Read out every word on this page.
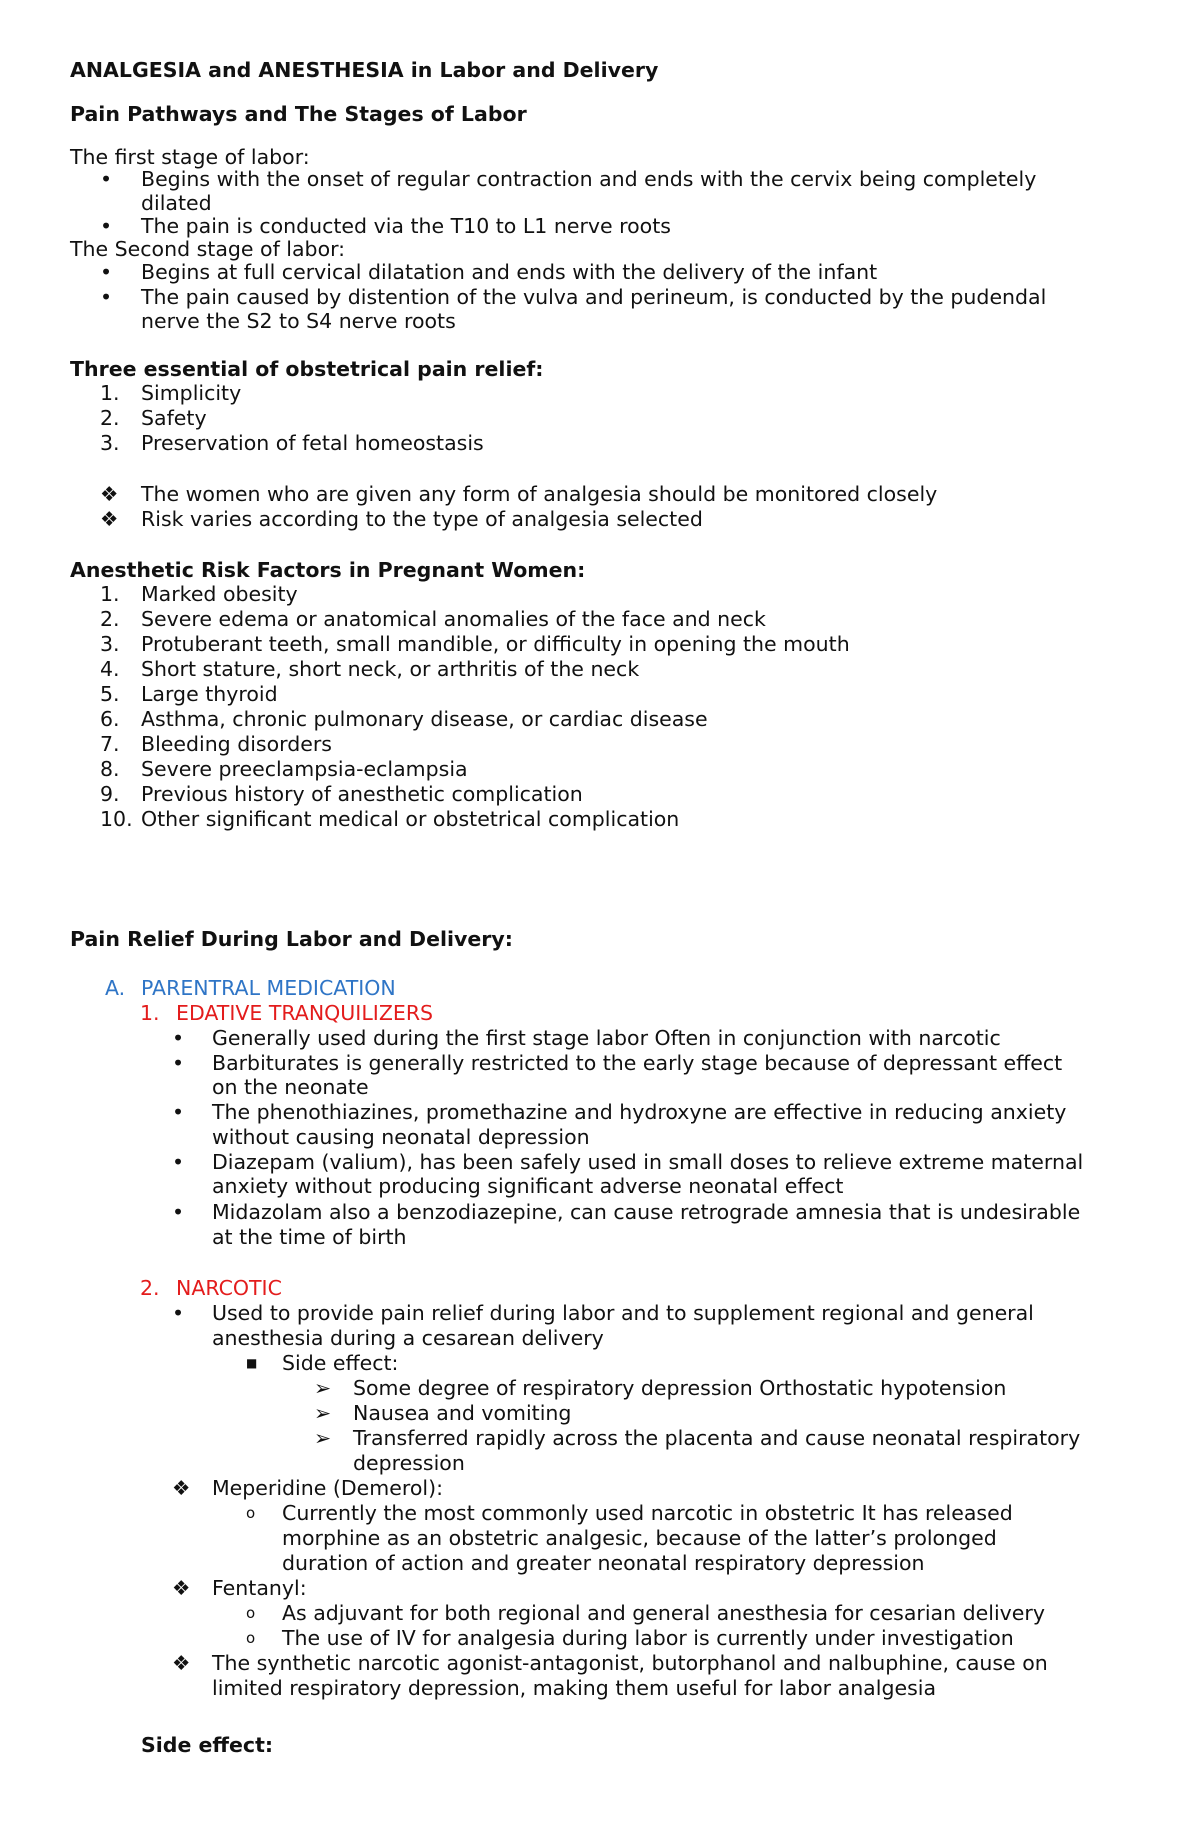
ANALGESIA and ANESTHESIA in Labor and Delivery
Pain Pathways and The Stages of Labor
The first stage of labor:
• Begins with the onset of regular contraction and ends with the cervix being completely
dilated
• The pain is conducted via the T10 to L1 nerve roots
The Second stage of labor:
• Begins at full cervical dilatation and ends with the delivery of the infant
• The pain caused by distention of the vulva and perineum, is conducted by the pudendal
nerve the S2 to S4 nerve roots
Three essential of obstetrical pain relief:
1. Simplicity
2. Safety
3. Preservation of fetal homeostasis
❖ The women who are given any form of analgesia should be monitored closely
❖ Risk varies according to the type of analgesia selected
Anesthetic Risk Factors in Pregnant Women:
1. Marked obesity
2. Severe edema or anatomical anomalies of the face and neck
3. Protuberant teeth, small mandible, or difficulty in opening the mouth
4. Short stature, short neck, or arthritis of the neck
5. Large thyroid
6. Asthma, chronic pulmonary disease, or cardiac disease
7. Bleeding disorders
8. Severe preeclampsia-eclampsia
9. Previous history of anesthetic complication
10. Other significant medical or obstetrical complication
Pain Relief During Labor and Delivery:
A. PARENTRAL MEDICATION
1. EDATIVE TRANQUILIZERS
• Generally used during the first stage labor Often in conjunction with narcotic
• Barbiturates is generally restricted to the early stage because of depressant effect
on the neonate
• The phenothiazines, promethazine and hydroxyne are effective in reducing anxiety
without causing neonatal depression
• Diazepam (valium), has been safely used in small doses to relieve extreme maternal
anxiety without producing significant adverse neonatal effect
• Midazolam also a benzodiazepine, can cause retrograde amnesia that is undesirable
at the time of birth
2. NARCOTIC
• Used to provide pain relief during labor and to supplement regional and general
anesthesia during a cesarean delivery
■ Side effect:
➢ Some degree of respiratory depression Orthostatic hypotension
➢ Nausea and vomiting
➢ Transferred rapidly across the placenta and cause neonatal respiratory
depression
❖ Meperidine (Demerol):
o Currently the most commonly used narcotic in obstetric It has released
morphine as an obstetric analgesic, because of the latter’s prolonged
duration of action and greater neonatal respiratory depression
❖ Fentanyl:
o As adjuvant for both regional and general anesthesia for cesarian delivery
o The use of IV for analgesia during labor is currently under investigation
❖ The synthetic narcotic agonist-antagonist, butorphanol and nalbuphine, cause on
limited respiratory depression, making them useful for labor analgesia
Side effect:
